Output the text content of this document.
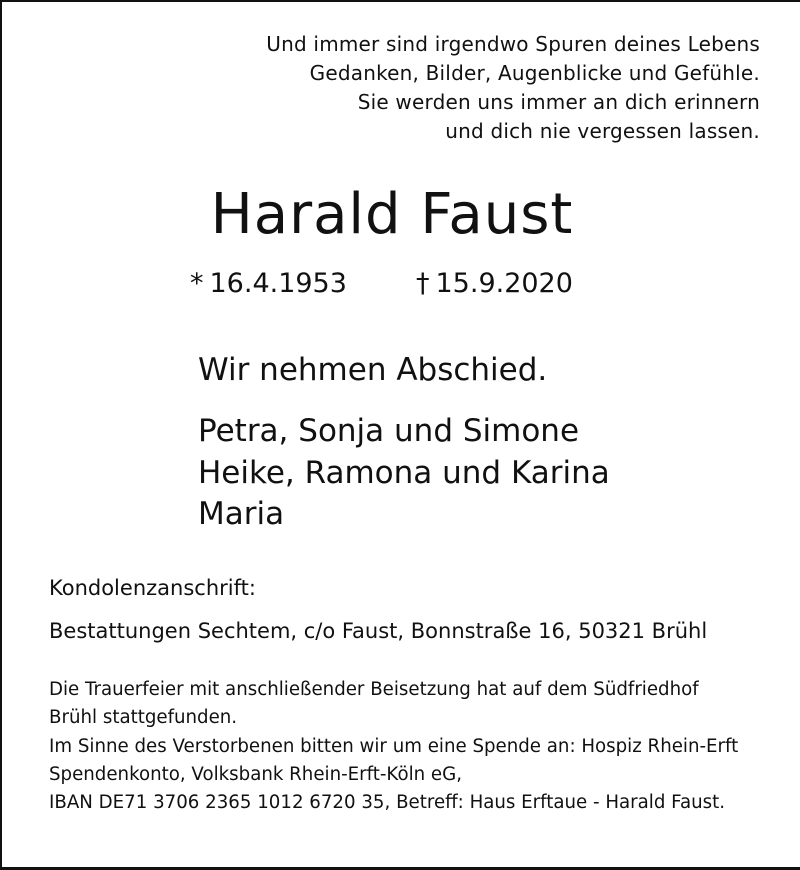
Und immer sind irgendwo Spuren deines Lebens
Gedanken, Bilder, Augenblicke und Gefühle.
Sie werden uns immer an dich erinnern
und dich nie vergessen lassen.
Harald Faust
* 16.4.1953	† 15.9.2020
Wir nehmen Abschied.
Petra, Sonja und Simone
Heike, Ramona und Karina
Maria
Kondolenzanschrift:
Bestattungen Sechtem, c/o Faust, Bonnstraße 16, 50321 Brühl
Die Trauerfeier mit anschließender Beisetzung hat auf dem Südfriedhof
Brühl stattgefunden.
Im Sinne des Verstorbenen bitten wir um eine Spende an: Hospiz Rhein-Erft
Spendenkonto, Volksbank Rhein-Erft-Köln eG,
IBAN DE71 3706 2365 1012 6720 35, Betreff: Haus Erftaue - Harald Faust.
